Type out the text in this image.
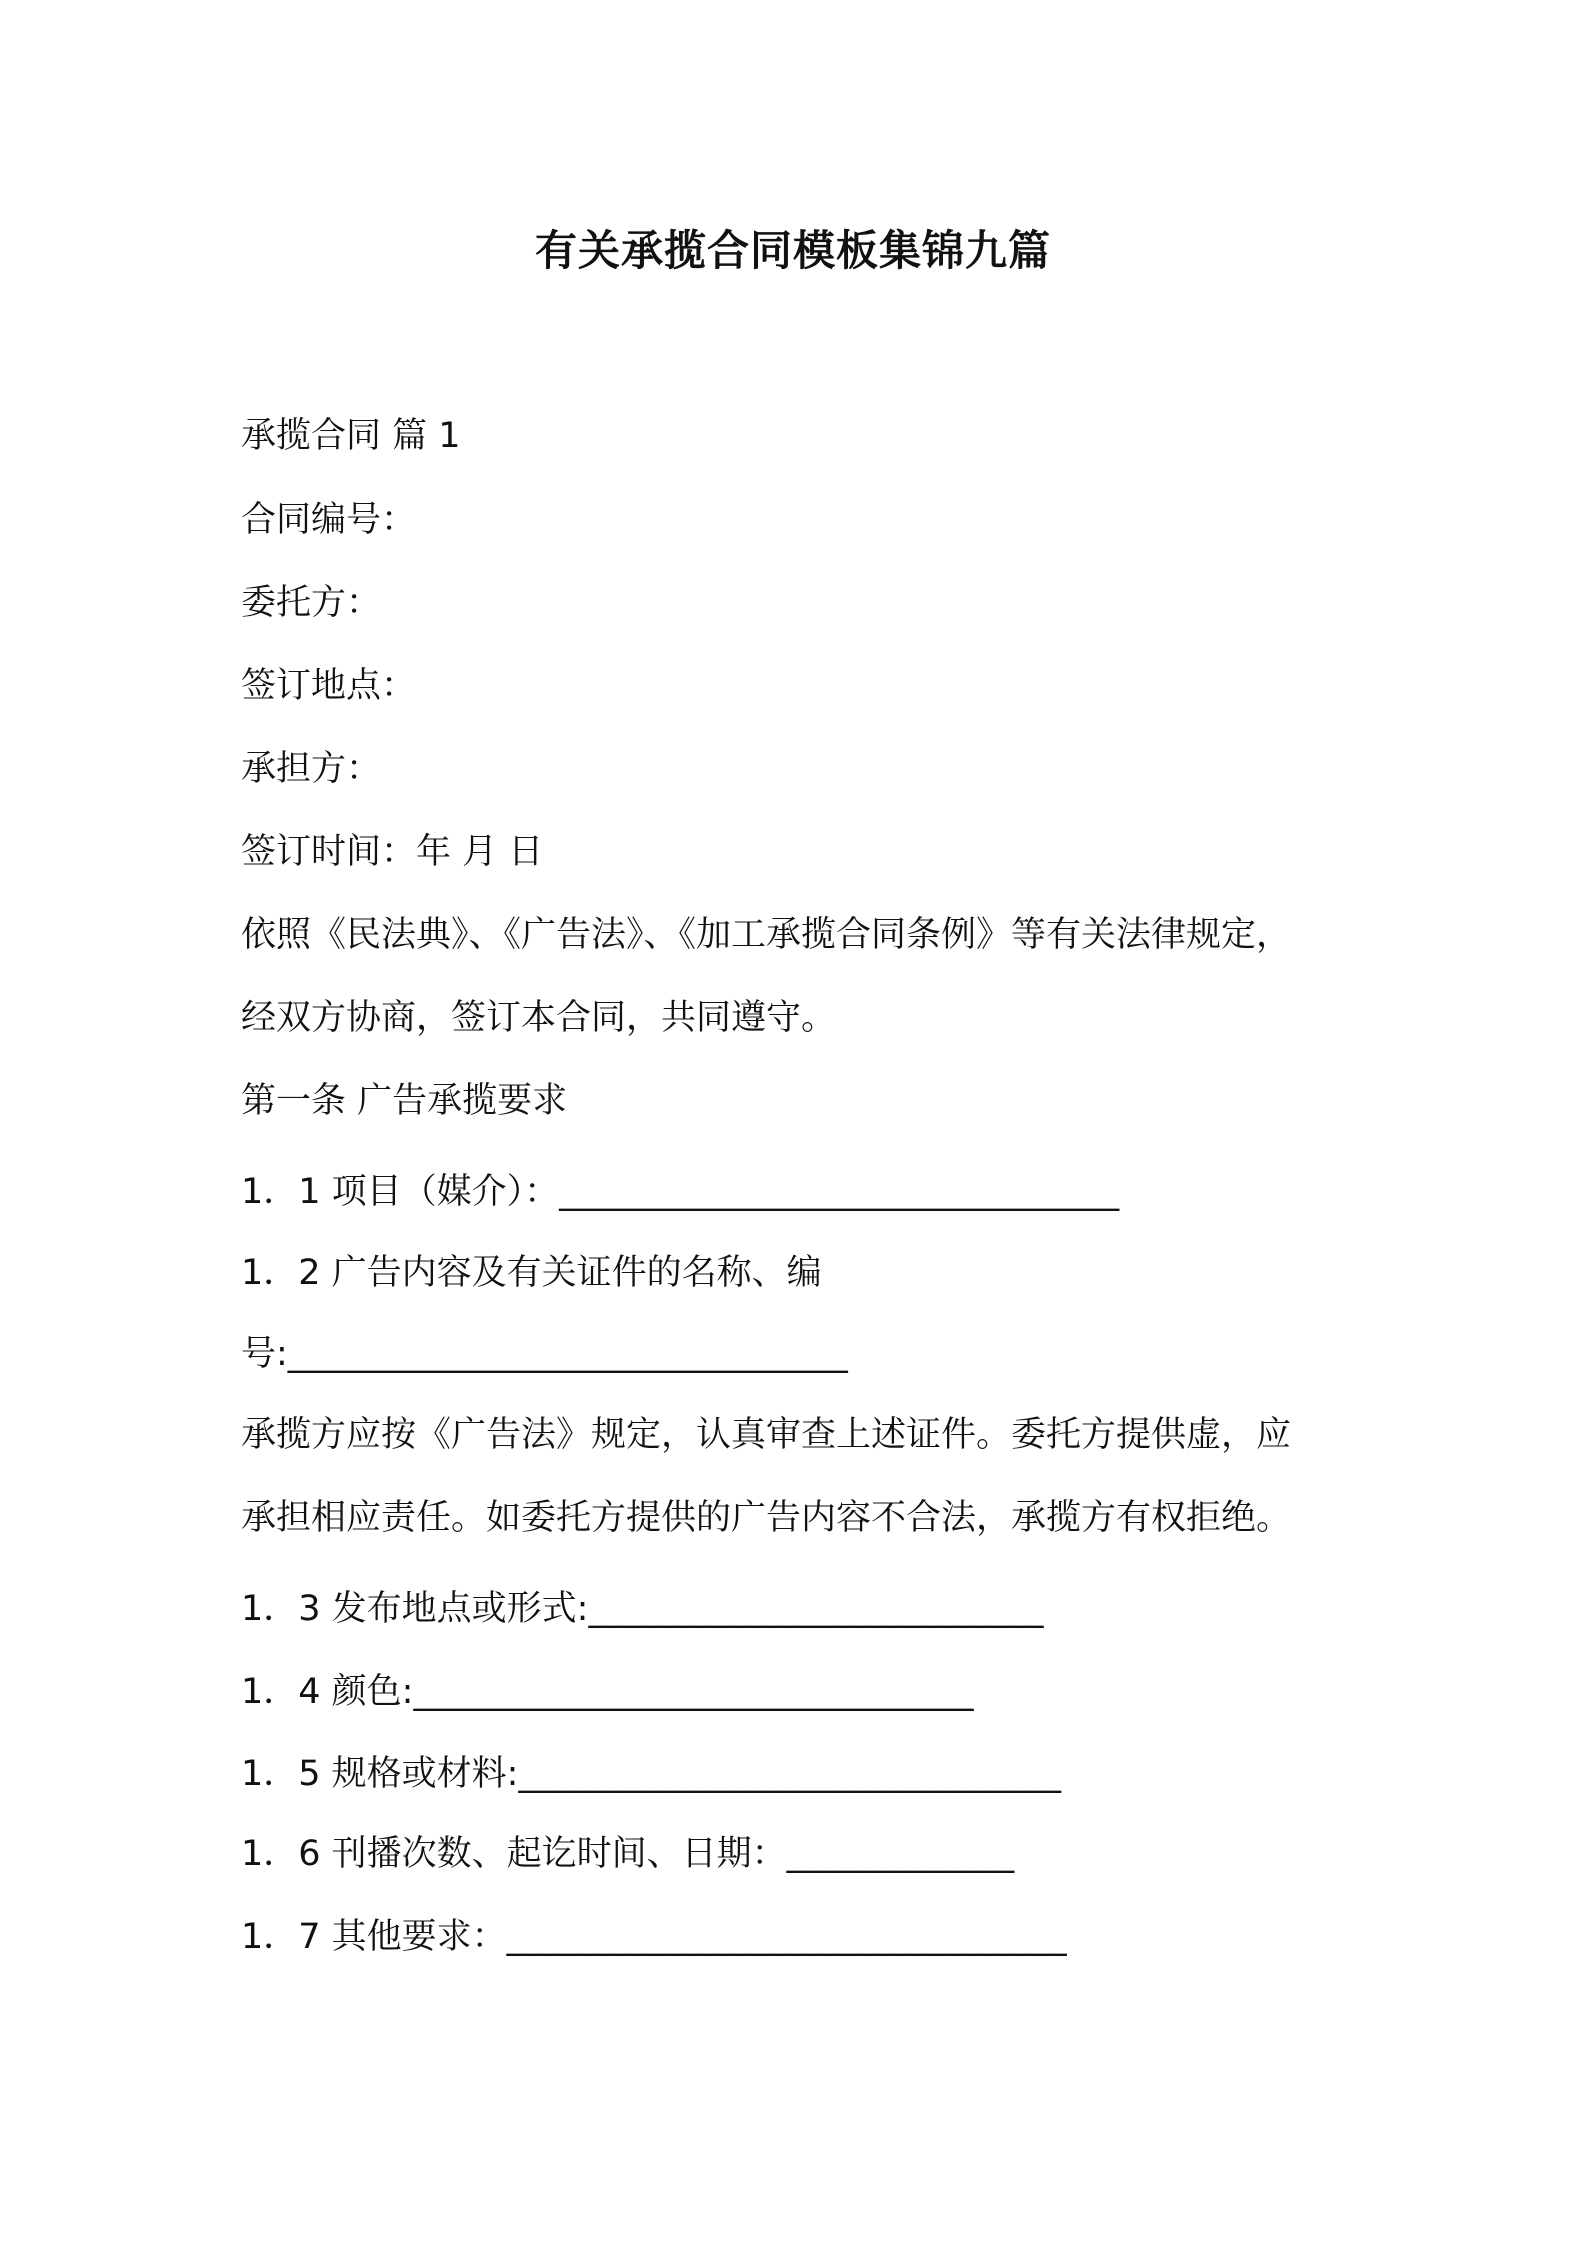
有关承揽合同模板集锦九篇
承揽合同 篇 1
合同编号：
委托方：
签订地点：
承担方：
签订时间：年 月 日
依照《民法典》、《广告法》、《加工承揽合同条例》等有关法律规定，
经双方协商，签订本合同，共同遵守。
第一条 广告承揽要求
1．1 项目（媒介）：________________________________
1．2 广告内容及有关证件的名称、编
号:________________________________
承揽方应按《广告法》规定，认真审查上述证件。委托方提供虚，应
承担相应责任。如委托方提供的广告内容不合法，承揽方有权拒绝。
1．3 发布地点或形式:__________________________
1．4 颜色:________________________________
1．5 规格或材料:_______________________________
1．6 刊播次数、起讫时间、日期：_____________
1．7 其他要求：________________________________
